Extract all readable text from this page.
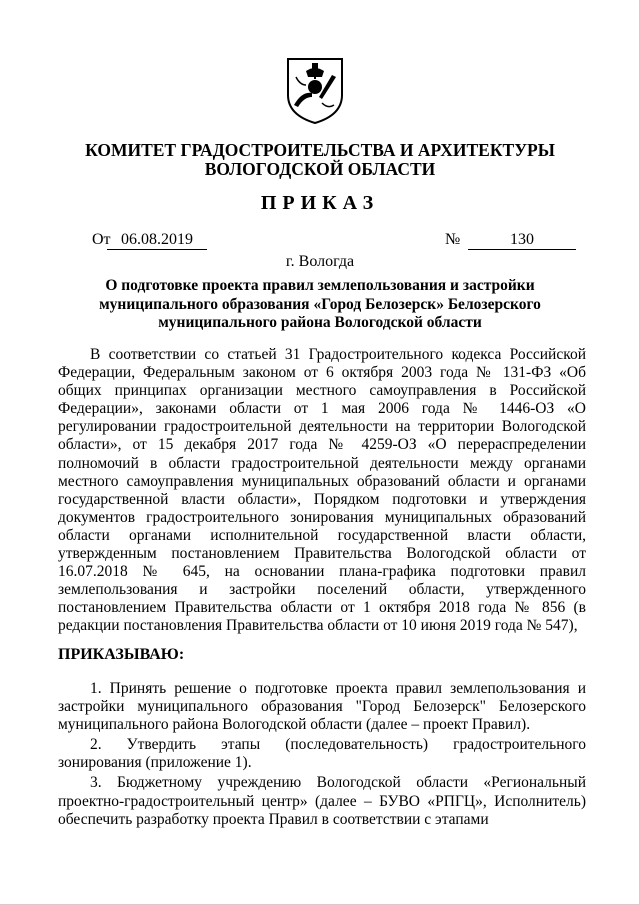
КОМИТЕТ ГРАДОСТРОИТЕЛЬСТВА И АРХИТЕКТУРЫ

ВОЛОГОДСКОЙ ОБЛАСТИ

ПРИКАЗ
От 06.08.2019	№	130
г. Вологда
О подготовке проекта правил землепользования и застройки муниципального образования «Город Белозерск» Белозерского муниципального района Вологодской области

В соответствии со статьей 31 Градостроительного кодекса Российской Федерации, Федеральным законом от 6 октября 2003 года № 131-ФЗ «Об общих принципах организации местного самоуправления в Российской Федерации», законами области от 1 мая 2006 года № 1446-ОЗ «О регулировании градостроительной деятельности на территории Вологодской области», от 15 декабря 2017 года № 4259-ОЗ «О перераспределении полномочий в области градостроительной деятельности между органами местного самоуправления муниципальных образований области и органами государственной власти области», Порядком подготовки и утверждения документов градостроительного зонирования муниципальных образований области органами исполнительной государственной власти области, утвержденным постановлением Правительства Вологодской области от 16.07.2018 № 645, на основании плана-графика подготовки правил землепользования и застройки поселений области, утвержденного постановлением Правительства области от 1 октября 2018 года № 856 (в редакции постановления Правительства области от 10 июня 2019 года № 547),

ПРИКАЗЫВАЮ:

1. Принять решение о подготовке проекта правил землепользования и застройки муниципального образования "Город Белозерск" Белозерского муниципального района Вологодской области (далее – проект Правил).

2. Утвердить этапы (последовательность) градостроительного зонирования (приложение 1).

3. Бюджетному учреждению Вологодской области «Региональный проектно-градостроительный центр» (далее – БУВО «РПГЦ», Исполнитель) обеспечить разработку проекта Правил в соответствии с этапами
